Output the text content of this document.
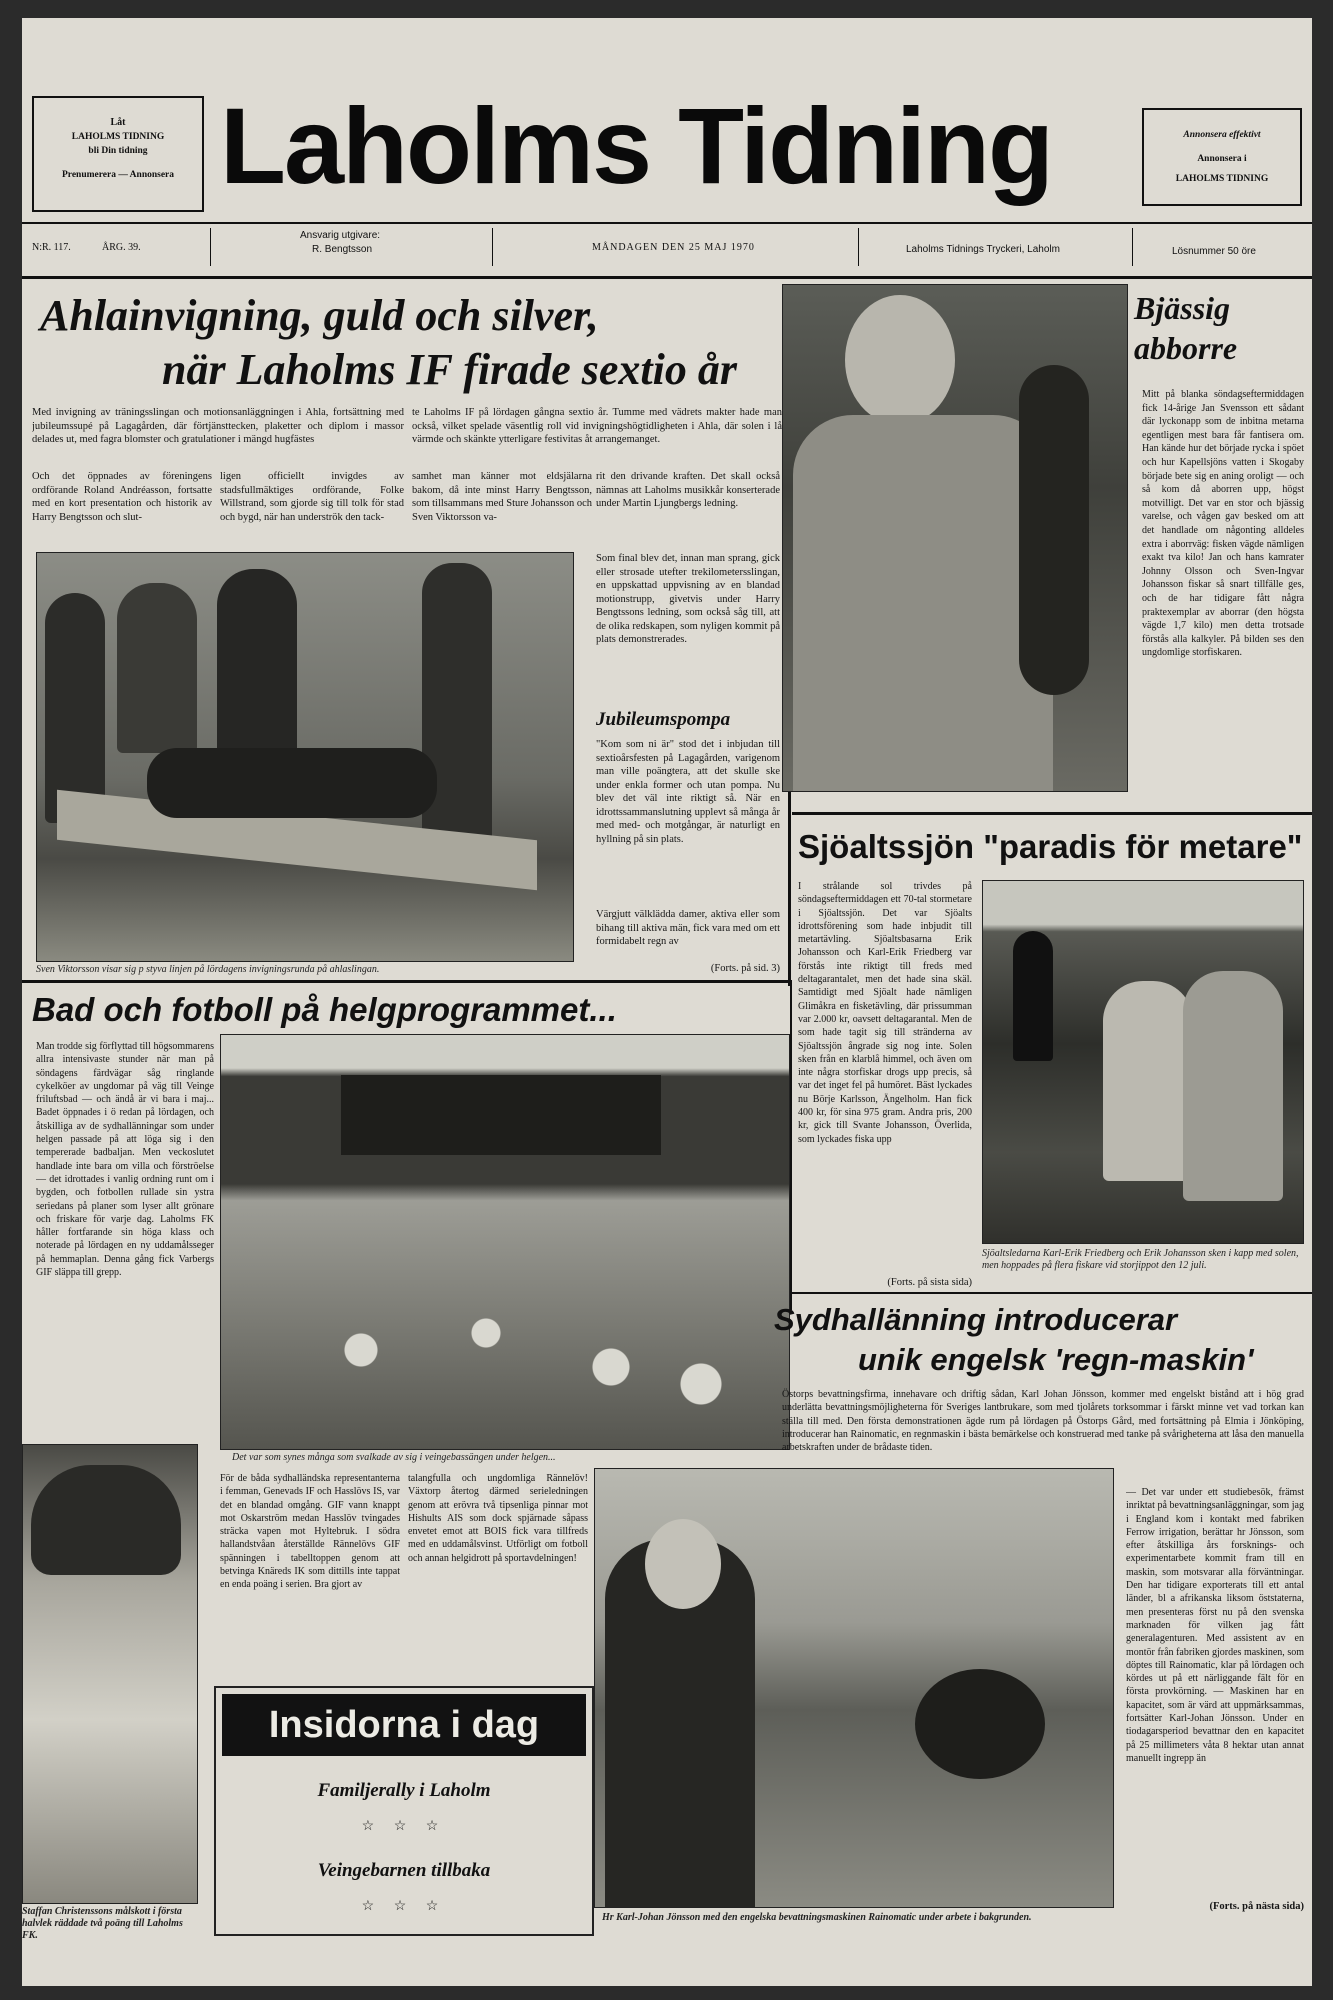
Låt
LAHOLMS TIDNING
bli Din tidning
Prenumerera — Annonsera Laholms Tidning	Annonsera effektivt
Annonsera i
LAHOLMS TIDNING
N:R. 117.	ÅRG. 39.
Ansvarig utgivare:
R. Bengtsson	MÅNDAGEN DEN 25 MAJ 1970	Laholms Tidnings Tryckeri, Laholm	Lösnummer 50 öre
Ahlainvigning, guld och silver,
när Laholms IF firade sextio år
Med invigning av träningsslingan och motionsanläggningen i Ahla, fortsättning med jubileumssupé på Lagagården, där förtjänsttecken, plaketter och diplom i massor delades ut, med fagra blomster och gratulationer i mängd hugfästes
te Laholms IF på lördagen gångna sextio år. Tumme med vädrets makter hade man också, vilket spelade väsentlig roll vid invigningshögtidligheten i Ahla, där solen i lå värmde och skänkte ytterligare festivitas åt arrangemanget.
Och det öppnades av föreningens ordförande Roland Andréasson, fortsatte med en kort presentation och historik av Harry Bengtsson och slut-
ligen officiellt invigdes av stadsfullmäktiges ordförande, Folke Willstrand, som gjorde sig till tolk för stad och bygd, när han underströk den tack-
samhet man känner mot eldsjälarna bakom, då inte minst Harry Bengtsson, som tillsammans med Sture Johansson och Sven Viktorsson va-
Sven Viktorsson visar sig p styva linjen på lördagens invigningsrunda på ahlaslingan.
rit den drivande kraften. Det skall också nämnas att Laholms musikkår konserterade under Martin Ljungbergs ledning.
Som final blev det, innan man sprang, gick eller strosade utefter trekilometersslingan, en uppskattad uppvisning av en blandad motionstrupp, givetvis under Harry Bengtssons ledning, som också såg till, att de olika redskapen, som nyligen kommit på plats demonstrerades.
Jubileumspompa
"Kom som ni är" stod det i inbjudan till sextioårsfesten på Lagagården, varigenom man ville poängtera, att det skulle ske under enkla former och utan pompa. Nu blev det väl inte riktigt så. När en idrottssammanslutning upplevt så många år med med- och motgångar, är naturligt en hyllning på sin plats.
Värgjutt välklädda damer, aktiva eller som bihang till aktiva män, fick vara med om ett formidabelt regn av
(Forts. på sid. 3)
Bjässig
abborre
Mitt på blanka söndagseftermiddagen fick 14-årige Jan Svensson ett sådant där lyckonapp som de inbitna metarna egentligen mest bara får fantisera om. Han kände hur det började rycka i spöet och hur Kapellsjöns vatten i Skogaby började bete sig en aning oroligt — och så kom då aborren upp, högst motvilligt. Det var en stor och bjässig varelse, och vågen gav besked om att det handlade om någonting alldeles extra i aborrväg: fisken vägde nämligen exakt tva kilo! Jan och hans kamrater Johnny Olsson och Sven-Ingvar Johansson fiskar så snart tillfälle ges, och de har tidigare fått några praktexemplar av aborrar (den högsta vägde 1,7 kilo) men detta trotsade förstås alla kalkyler. På bilden ses den ungdomlige storfiskaren.
Sjöaltssjön "paradis för metare"
I strålande sol trivdes på söndagseftermiddagen ett 70-tal stormetare i Sjöaltssjön. Det var Sjöalts idrottsförening som hade inbjudit till metartävling. Sjöaltsbasarna Erik Johansson och Karl-Erik Friedberg var förstås inte riktigt till freds med deltagarantalet, men det hade sina skäl. Samtidigt med Sjöalt hade nämligen Glimåkra en fisketävling, där prissumman var 2.000 kr, oavsett deltagarantal. Men de som hade tagit sig till stränderna av Sjöaltssjön ångrade sig nog inte. Solen sken från en klarblå himmel, och även om inte några storfiskar drogs upp precis, så var det inget fel på humöret. Bäst lyckades nu Börje Karlsson, Ängelholm. Han fick 400 kr, för sina 975 gram. Andra pris, 200 kr, gick till Svante Johansson, Överlida, som lyckades fiska upp
(Forts. på sista sida)
Sjöaltsledarna Karl-Erik Friedberg och Erik Johansson sken i kapp med solen, men hoppades på flera fiskare vid storjippot den 12 juli.
Bad och fotboll på helgprogrammet...
Man trodde sig förflyttad till högsommarens allra intensivaste stunder när man på söndagens färdvägar såg ringlande cykelköer av ungdomar på väg till Veinge friluftsbad — och ändå är vi bara i maj... Badet öppnades i ö redan på lördagen, och åtskilliga av de sydhallänningar som under helgen passade på att löga sig i den tempererade badbaljan. Men veckoslutet handlade inte bara om villa och förströelse — det idrottades i vanlig ordning runt om i bygden, och fotbollen rullade sin ystra seriedans på planer som lyser allt grönare och friskare för varje dag. Laholms FK håller fortfarande sin höga klass och noterade på lördagen en ny uddamålsseger på hemmaplan. Denna gång fick Varbergs GIF släppa till grepp.
Det var som synes många som svalkade av sig i veingebassängen under helgen...
Staffan Christenssons målskott i första halvlek räddade två poäng till Laholms FK.
För de båda sydhalländska representanterna i femman, Genevads IF och Hasslövs IS, var det en blandad omgång. GIF vann knappt mot Oskarström medan Hasslöv tvingades sträcka vapen mot Hyltebruk. I södra hallandstvåan återställde Rännelövs GIF spänningen i tabelltoppen genom att betvinga Knäreds IK som dittills inte tappat en enda poäng i serien. Bra gjort av
talangfulla och ungdomliga Rännelöv! Växtorp återtog därmed serieledningen genom att erövra två tipsenliga pinnar mot Hishults AIS som dock spjärnade såpass envetet emot att BOIS fick vara tillfreds med en uddamålsvinst. Utförligt om fotboll och annan helgidrott på sportavdelningen!
Insidorna i dag
Familjerally i Laholm
☆ ☆ ☆
Veingebarnen tillbaka
☆ ☆ ☆
Sydhallänning introducerar
unik engelsk 'regn-maskin'
Östorps bevattningsfirma, innehavare och driftig sådan, Karl Johan Jönsson, kommer med engelskt bistånd att i hög grad underlätta bevattningsmöjligheterna för Sveriges lantbrukare, som med tjolårets torksommar i färskt minne vet vad torkan kan ställa till med. Den första demonstrationen ägde rum på lördagen på Östorps Gård, med fortsättning på Elmia i Jönköping, introducerar han Rainomatic, en regnmaskin i bästa bemärkelse och konstruerad med tanke på svårigheterna att låsa den manuella arbetskraften under de brådaste tiden.
Hr Karl-Johan Jönsson med den engelska bevattningsmaskinen Rainomatic under arbete i bakgrunden.
— Det var under ett studiebesök, främst inriktat på bevattningsanläggningar, som jag i England kom i kontakt med fabriken Ferrow irrigation, berättar hr Jönsson, som efter åtskilliga års forsknings- och experimentarbete kommit fram till en maskin, som motsvarar alla förväntningar. Den har tidigare exporterats till ett antal länder, bl a afrikanska liksom öststaterna, men presenteras först nu på den svenska marknaden för vilken jag fått generalagenturen. Med assistent av en montör från fabriken gjordes maskinen, som döptes till Rainomatic, klar på lördagen och kördes ut på ett närliggande fält för en första provkörning. — Maskinen har en kapacitet, som är värd att uppmärksammas, fortsätter Karl-Johan Jönsson. Under en tiodagarsperiod bevattnar den en kapacitet på 25 millimeters våta 8 hektar utan annat manuellt ingrepp än
(Forts. på nästa sida)
